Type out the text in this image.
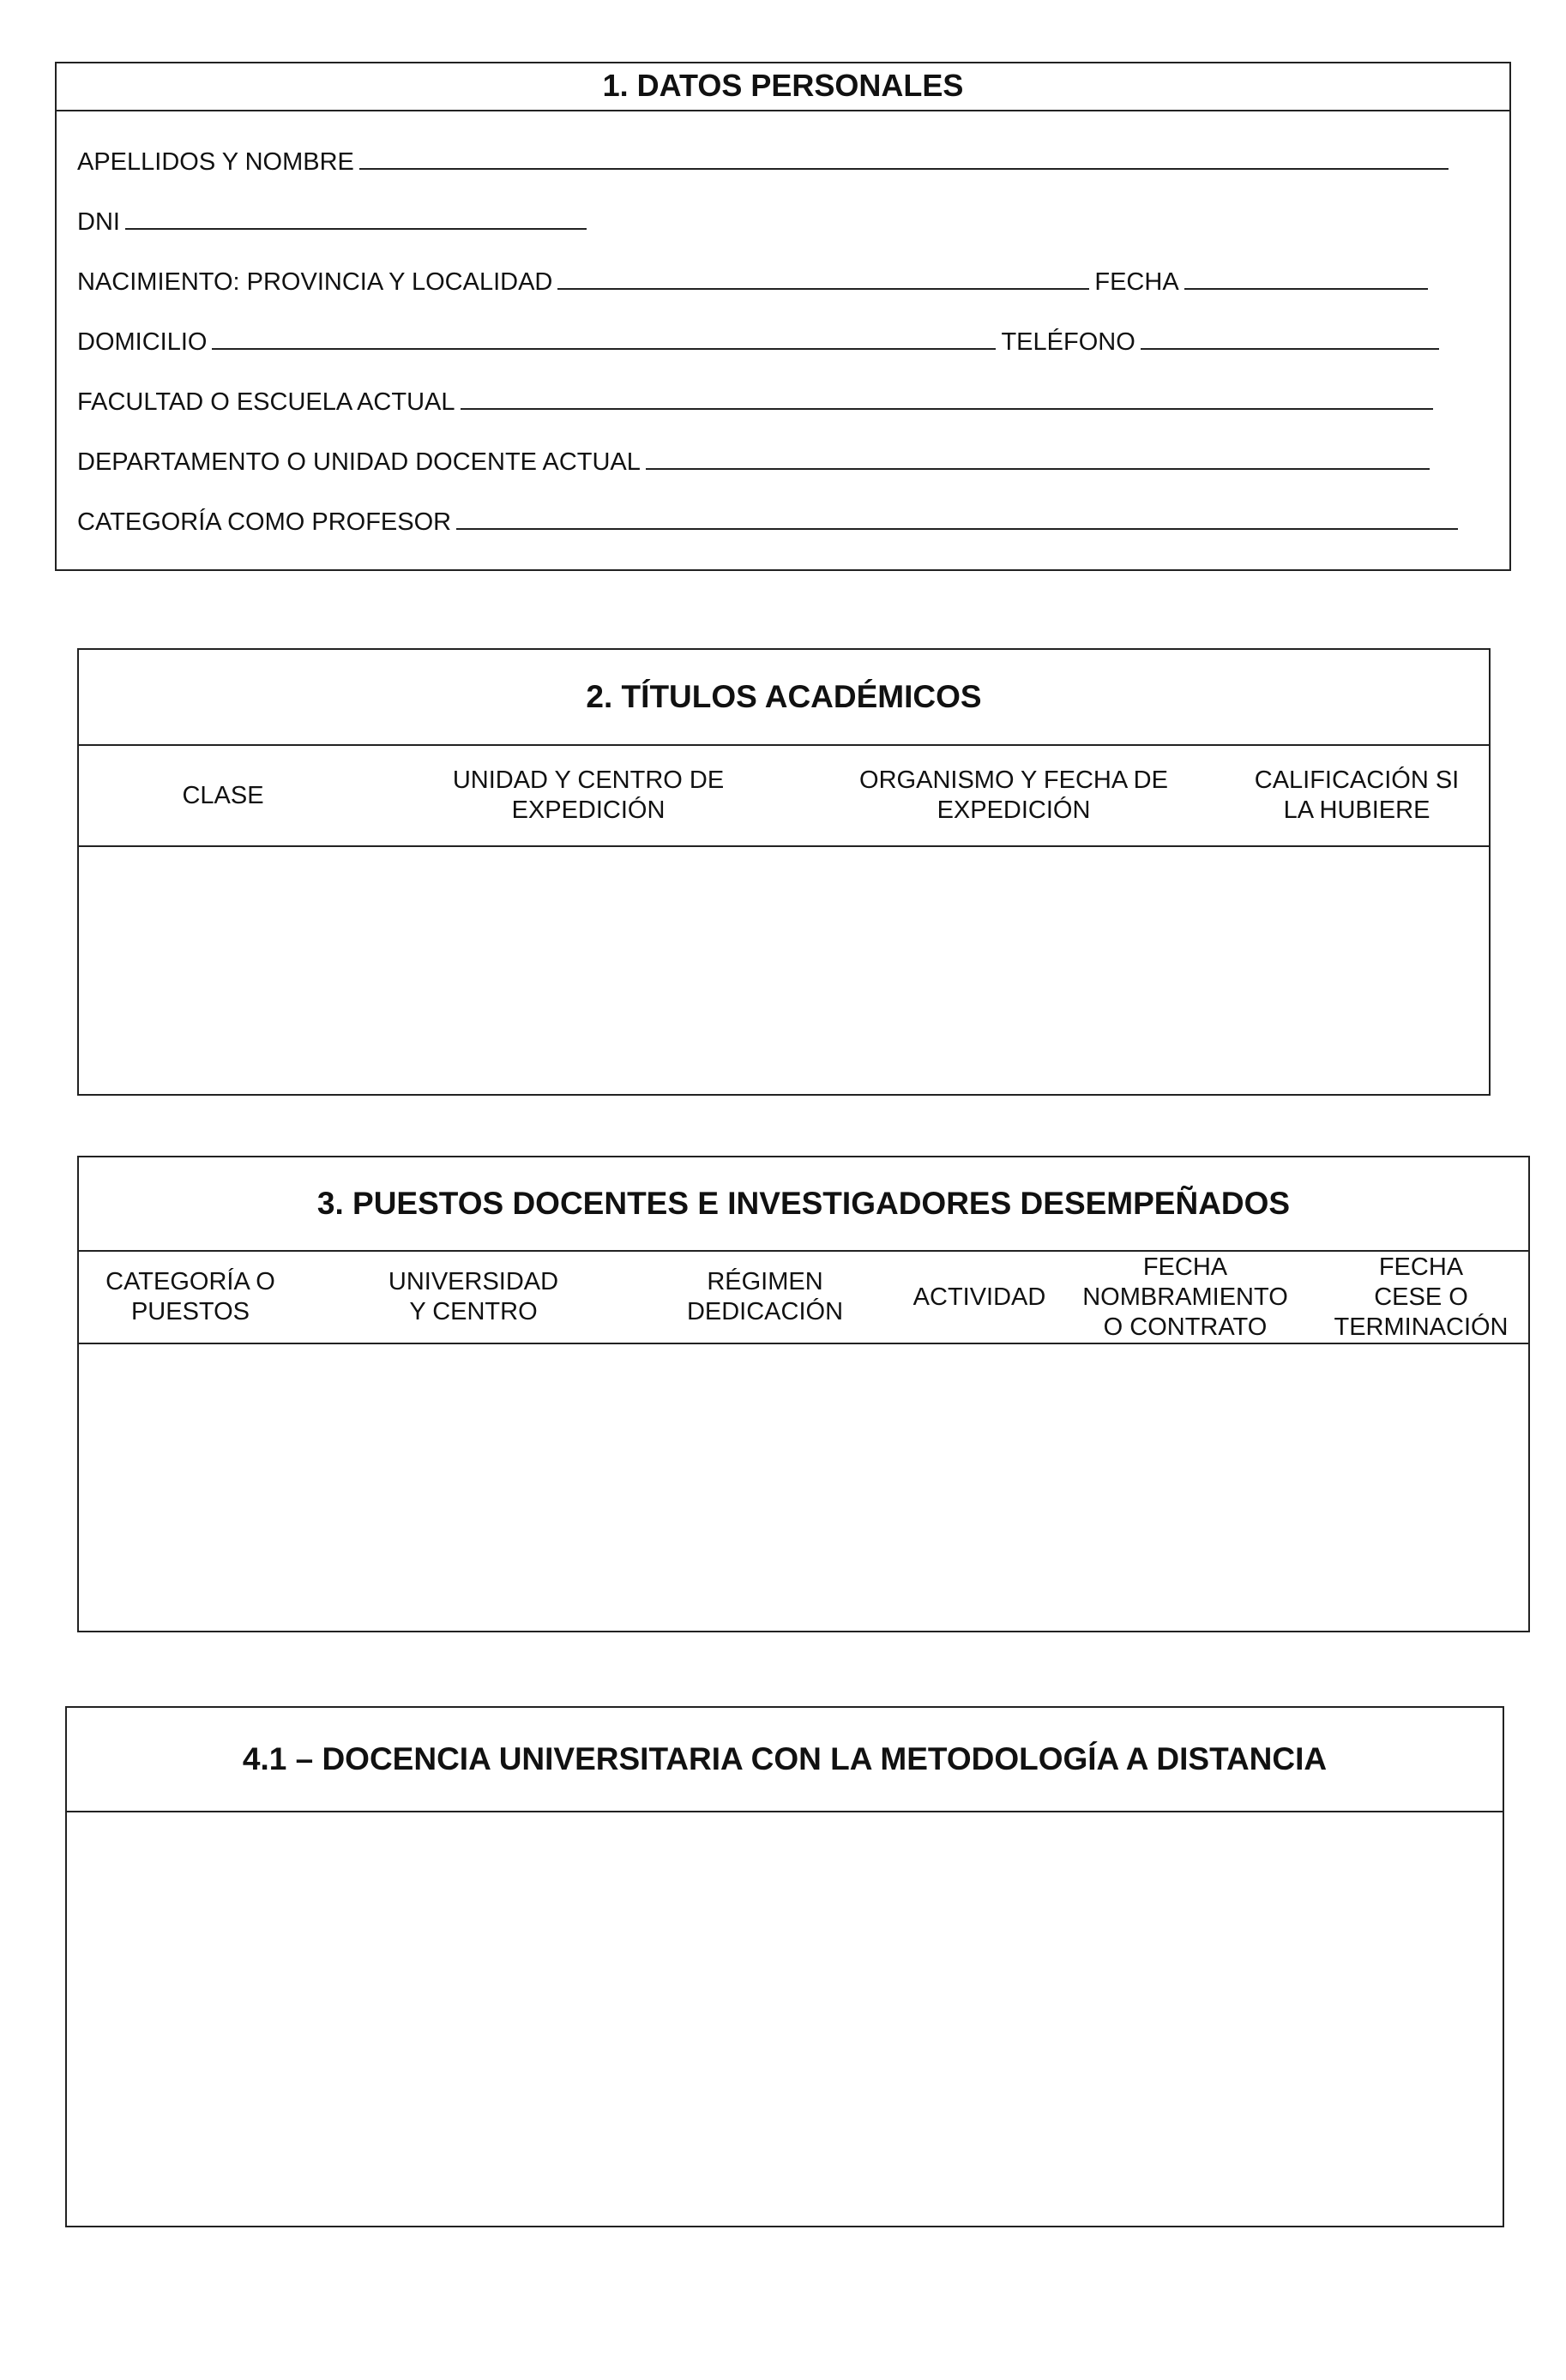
1. DATOS PERSONALES
APELLIDOS Y NOMBRE
DNI
NACIMIENTO: PROVINCIA Y LOCALIDAD	FECHA
DOMICILIO	TELÉFONO
FACULTAD O ESCUELA ACTUAL
DEPARTAMENTO O UNIDAD DOCENTE ACTUAL
CATEGORÍA COMO PROFESOR
2. TÍTULOS ACADÉMICOS
CLASE
UNIDAD Y CENTRO DE
EXPEDICIÓN
ORGANISMO Y FECHA DE
EXPEDICIÓN
CALIFICACIÓN SI
LA HUBIERE
3. PUESTOS DOCENTES E INVESTIGADORES DESEMPEÑADOS
CATEGORÍA O
PUESTOS
UNIVERSIDAD
Y CENTRO
RÉGIMEN
DEDICACIÓN
ACTIVIDAD
FECHA
NOMBRAMIENTO
O CONTRATO
FECHA
CESE O
TERMINACIÓN
4.1 – DOCENCIA UNIVERSITARIA CON LA METODOLOGÍA A DISTANCIA
